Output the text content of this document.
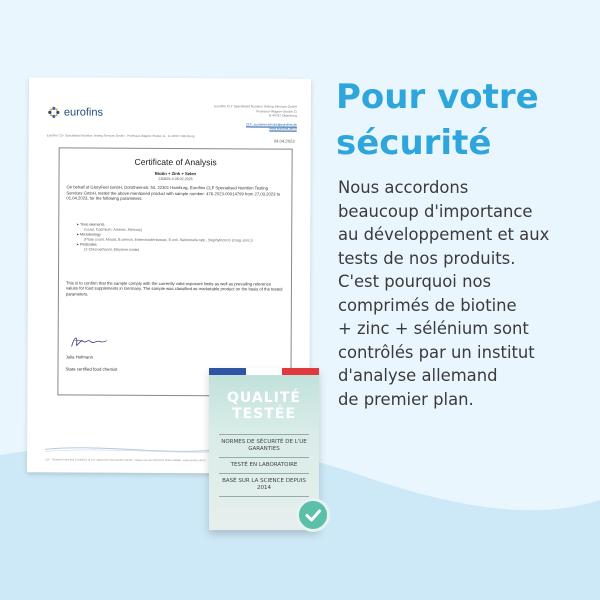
Pour votre
sécurité
Nous accordons
beaucoup d'importance
au développement et aux
tests de nos produits.
C'est pourquoi nos
comprimés de biotine
+ zinc + sélénium sont
contrôlés par un institut
d'analyse allemand
de premier plan.
eurofins	Eurofins CLF Specialised Nutrition Testing Services GmbH
Professor-Wagner-Straße 11
D-49787 Oldenburg
CLF_customer.service@eurofins.de
www.eurofins.de/clf
Eurofins CLF Specialised Nutrition Testing Services GmbH · Professor-Wagner-Straße 11 · D-49787 Oldenburg
04.04.2023
Certificate of Analysis
Biotin + Zink + Selen
230825-II 28.02.2025
On behalf of GloryFeel GmbH, Dorotheenstr. 54, 22301 Hamburg, Eurofins CLF Specialised Nutrition Testing Services GmbH, tested the above-mentioned product with sample number: 476-2023-00014799 from 27.03.2023 to 01.04.2023, for the following parameters:
➤ Toxic elements
(Lead, Cadmium, Arsenic, Mercury)
➤ Microbiology
(Plate count, Mould, B.cereus, Enterobacteriaceae, E.coli, Salmonella spp., Staphylococci (coag.-pos.))
➤ Pesticides
(2-Chloroethanol, Ethylene oxide)
This is to confirm that the sample comply with the currently valid exposure limits as well as prevailing reference values for food supplements in Germany. The sample was classified as marketable product on the basis of the tested parameters.
Julia Hofmann
State certified food chemist
CLF · General Terms and Conditions of CLF apply (see www.eurofins.de/clf) · Please see our Imprint for further details · www.eurofins.de/clf
QUALITÉ
TESTÉE
NORMES DE SÉCURITÉ DE L'UE GARANTIES
TESTÉ EN LABORATOIRE
BASÉ SUR LA SCIENCE DEPUIS 2014
